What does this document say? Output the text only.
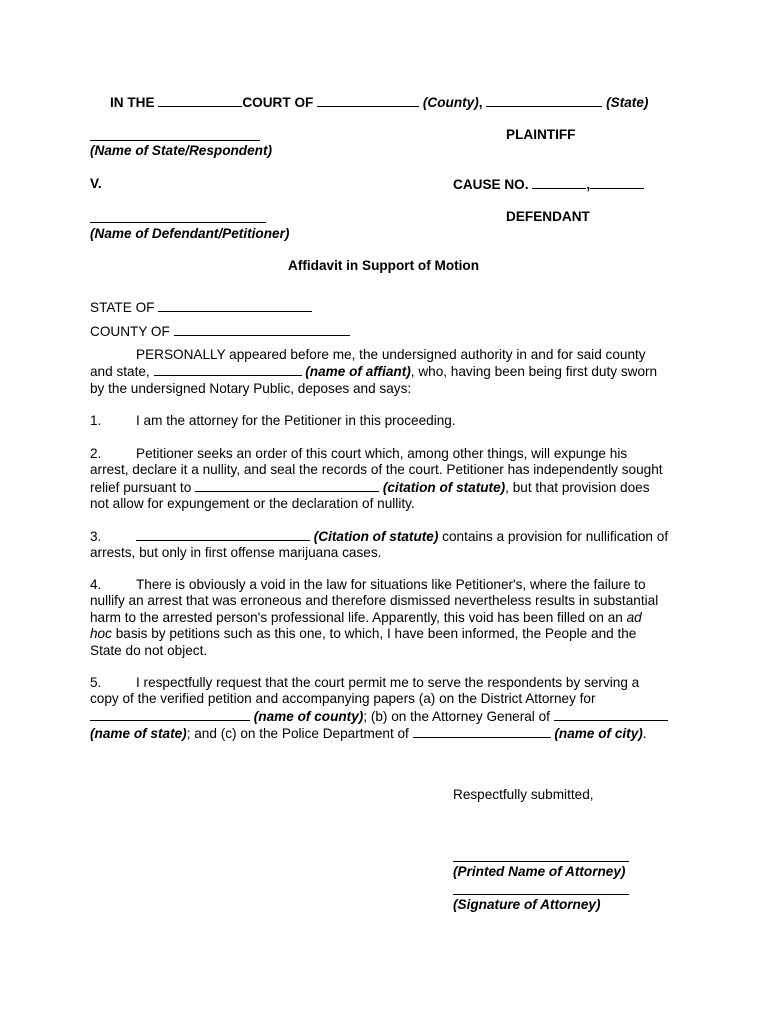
IN THE	COURT OF	(County),	(State)
PLAINTIFF
(Name of State/Respondent)
V.	CAUSE NO.	,
DEFENDANT
(Name of Defendant/Petitioner)
Affidavit in Support of Motion
STATE OF
COUNTY OF
PERSONALLY appeared before me, the undersigned authority in and for said county
and state,	(name of affiant), who, having been being first duty sworn
by the undersigned Notary Public, deposes and says:
1.	I am the attorney for the Petitioner in this proceeding.
2.	Petitioner seeks an order of this court which, among other things, will expunge his
arrest, declare it a nullity, and seal the records of the court. Petitioner has independently sought
relief pursuant to	(citation of statute), but that provision does
not allow for expungement or the declaration of nullity.
3.	(Citation of statute) contains a provision for nullification of
arrests, but only in first offense marijuana cases.
4.	There is obviously a void in the law for situations like Petitioner's, where the failure to
nullify an arrest that was erroneous and therefore dismissed nevertheless results in substantial
harm to the arrested person's professional life. Apparently, this void has been filled on an ad
hoc basis by petitions such as this one, to which, I have been informed, the People and the
State do not object.
5.	I respectfully request that the court permit me to serve the respondents by serving a
copy of the verified petition and accompanying papers (a) on the District Attorney for
(name of county); (b) on the Attorney General of
(name of state); and (c) on the Police Department of	(name of city).
Respectfully submitted,
(Printed Name of Attorney)
(Signature of Attorney)
